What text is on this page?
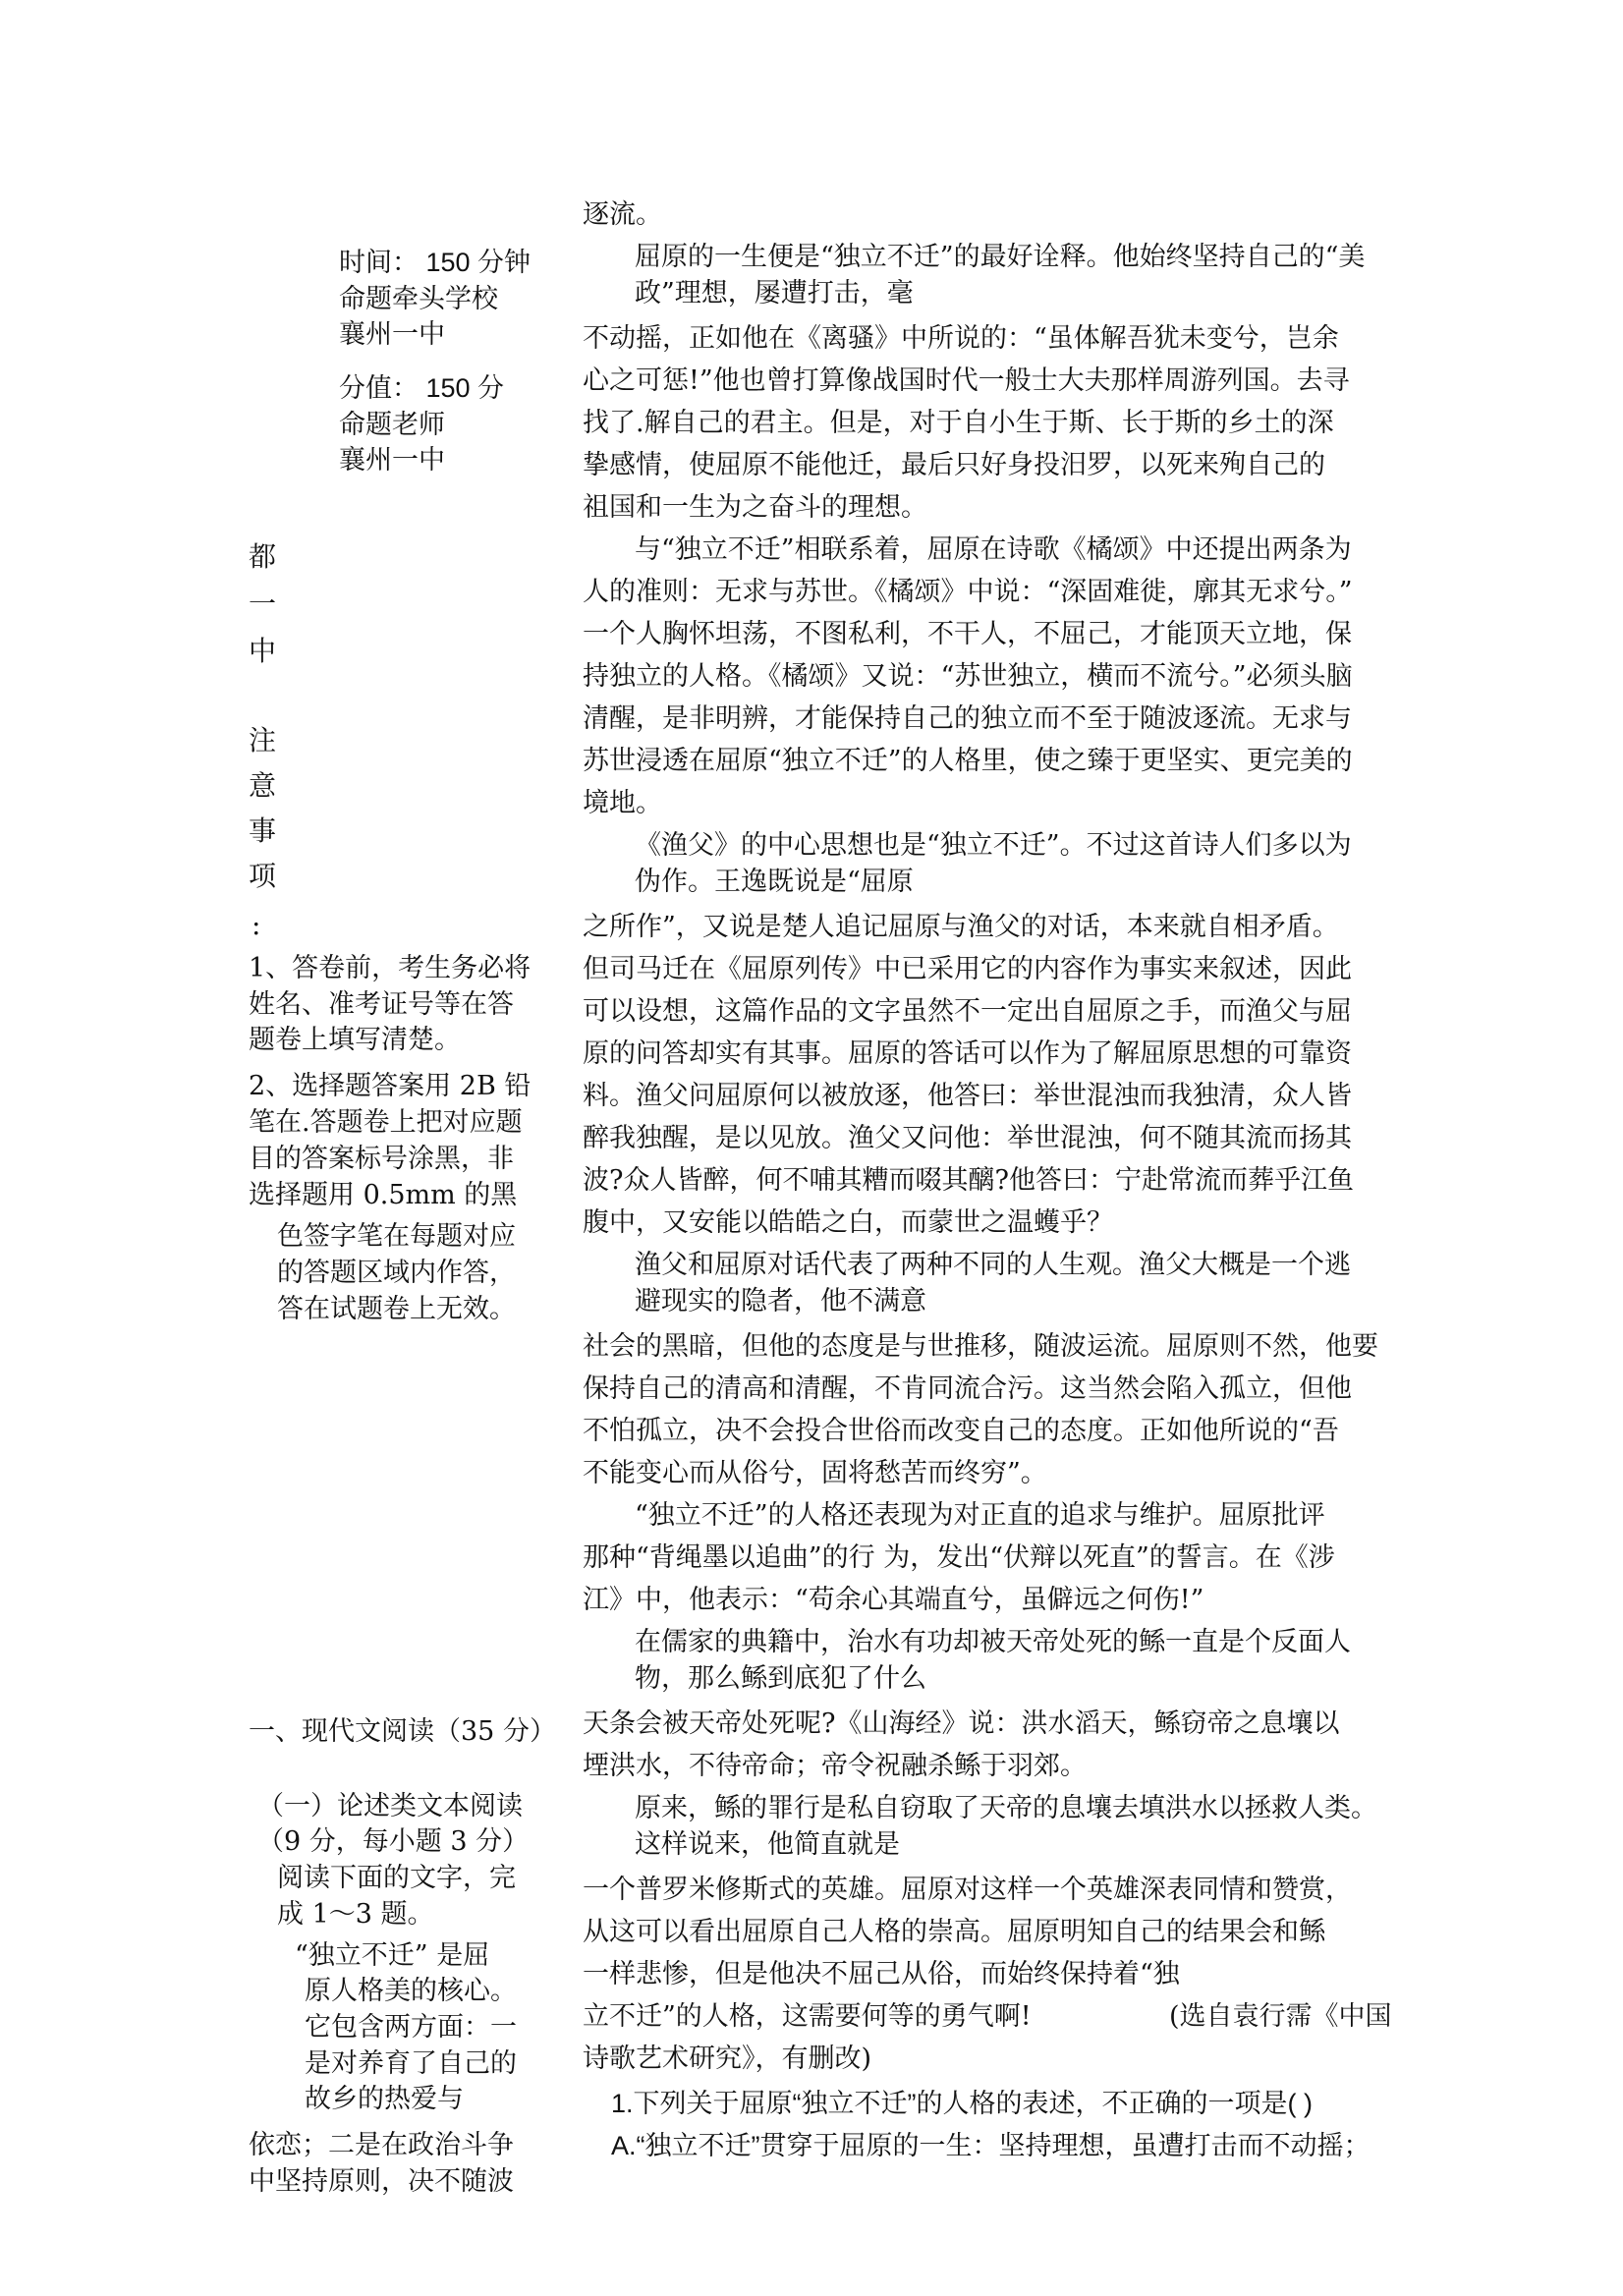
时间： 150 分钟
命题牵头学校
襄州一中
分值： 150 分
命题老师
襄州一中
都
一
中
注
意
事
项
:
1、答卷前，考生务必将
姓名、准考证号等在答
题卷上填写清楚。
2、选择题答案用 2B 铅
笔在.答题卷上把对应题
目的答案标号涂黑，非
选择题用 0.5mm 的黑
色签字笔在每题对应
的答题区域内作答，
答在试题卷上无效。
一、现代文阅读（35 分）
（一）论述类文本阅读
（9 分，每小题 3 分）
阅读下面的文字，完
成 1～3 题。
“独立不迁” 是屈
原人格美的核心。
它包含两方面：一
是对养育了自己的
故乡的热爱与
依恋；二是在政治斗争
中坚持原则，决不随波
逐流。
屈原的一生便是“独立不迁”的最好诠释。他始终坚持自己的“美
政”理想，屡遭打击，毫
不动摇，正如他在《离骚》中所说的：“虽体解吾犹未变兮，岂余
心之可惩!”他也曾打算像战国时代一般士大夫那样周游列国。去寻
找了.解自己的君主。但是，对于自小生于斯、长于斯的乡土的深
挚感情，使屈原不能他迁，最后只好身投汨罗，以死来殉自己的
祖国和一生为之奋斗的理想。
与“独立不迁”相联系着，屈原在诗歌《橘颂》中还提出两条为
人的准则：无求与苏世。《橘颂》中说：“深固难徙，廓其无求兮。”
一个人胸怀坦荡，不图私利，不干人，不屈己，才能顶天立地，保
持独立的人格。《橘颂》又说：“苏世独立，横而不流兮。”必须头脑
清醒，是非明辨，才能保持自己的独立而不至于随波逐流。无求与
苏世浸透在屈原“独立不迁”的人格里，使之臻于更坚实、更完美的
境地。
《渔父》的中心思想也是“独立不迁”。不过这首诗人们多以为
伪作。王逸既说是“屈原
之所作”，又说是楚人追记屈原与渔父的对话，本来就自相矛盾。
但司马迁在《屈原列传》中已采用它的内容作为事实来叙述，因此
可以设想，这篇作品的文字虽然不一定出自屈原之手，而渔父与屈
原的问答却实有其事。屈原的答话可以作为了解屈原思想的可靠资
料。渔父问屈原何以被放逐，他答曰：举世混浊而我独清，众人皆
醉我独醒，是以见放。渔父又问他：举世混浊，何不随其流而扬其
波?众人皆醉，何不哺其糟而啜其醨?他答曰：宁赴常流而葬乎江鱼
腹中，又安能以皓皓之白，而蒙世之温蠖乎？
渔父和屈原对话代表了两种不同的人生观。渔父大概是一个逃
避现实的隐者，他不满意
社会的黑暗，但他的态度是与世推移，随波运流。屈原则不然，他要
保持自己的清高和清醒，不肯同流合污。这当然会陷入孤立，但他
不怕孤立，决不会投合世俗而改变自己的态度。正如他所说的“吾
不能变心而从俗兮，固将愁苦而终穷”。
“独立不迁”的人格还表现为对正直的追求与维护。屈原批评
那种“背绳墨以追曲”的行 为，发出“伏辩以死直”的誓言。在《涉
江》中，他表示：“苟余心其端直兮，虽僻远之何伤!”
在儒家的典籍中，治水有功却被天帝处死的鲧一直是个反面人
物，那么鲧到底犯了什么
天条会被天帝处死呢?《山海经》说：洪水滔天，鲧窃帝之息壤以
堙洪水，不待帝命；帝令祝融杀鲧于羽郊。
原来，鲧的罪行是私自窃取了天帝的息壤去填洪水以拯救人类。
这样说来，他简直就是
一个普罗米修斯式的英雄。屈原对这样一个英雄深表同情和赞赏，
从这可以看出屈原自己人格的崇高。屈原明知自己的结果会和鲧
一样悲惨，但是他决不屈己从俗，而始终保持着“独
立不迁”的人格，这需要何等的勇气啊!	(选自袁行霈《中国
诗歌艺术研究》，有删改)
1.下列关于屈原“独立不迁”的人格的表述，不正确的一项是( )
A.“独立不迁”贯穿于屈原的一生：坚持理想，虽遭打击而不动摇；
